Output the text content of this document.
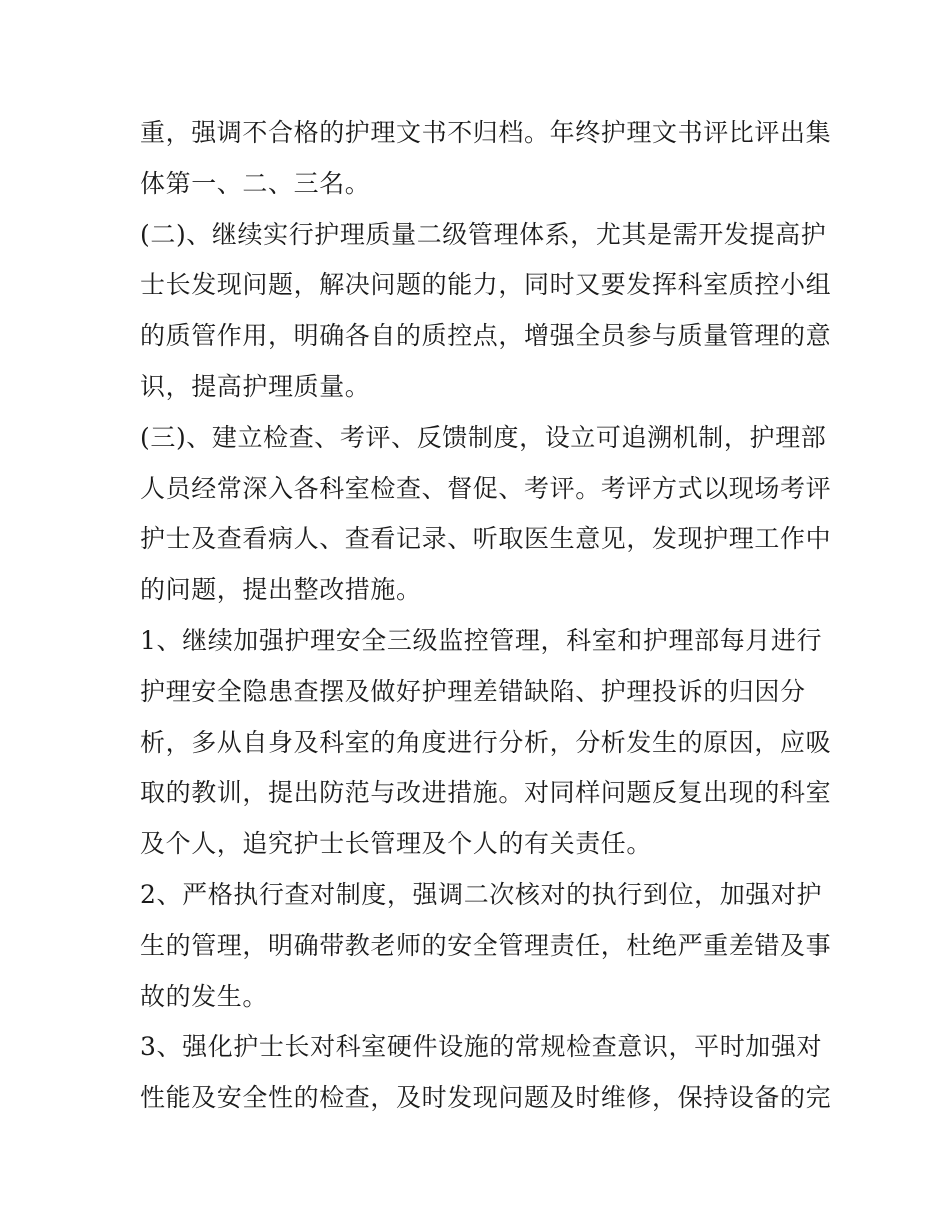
重，强调不合格的护理文书不归档。年终护理文书评比评出集
体第一、二、三名。
(二)、继续实行护理质量二级管理体系，尤其是需开发提高护
士长发现问题，解决问题的能力，同时又要发挥科室质控小组
的质管作用，明确各自的质控点，增强全员参与质量管理的意
识，提高护理质量。
(三)、建立检查、考评、反馈制度，设立可追溯机制，护理部
人员经常深入各科室检查、督促、考评。考评方式以现场考评
护士及查看病人、查看记录、听取医生意见，发现护理工作中
的问题，提出整改措施。
1、继续加强护理安全三级监控管理，科室和护理部每月进行
护理安全隐患查摆及做好护理差错缺陷、护理投诉的归因分
析，多从自身及科室的角度进行分析，分析发生的原因，应吸
取的教训，提出防范与改进措施。对同样问题反复出现的科室
及个人，追究护士长管理及个人的有关责任。
2、严格执行查对制度，强调二次核对的执行到位，加强对护
生的管理，明确带教老师的安全管理责任，杜绝严重差错及事
故的发生。
3、强化护士长对科室硬件设施的常规检查意识，平时加强对
性能及安全性的检查，及时发现问题及时维修，保持设备的完
